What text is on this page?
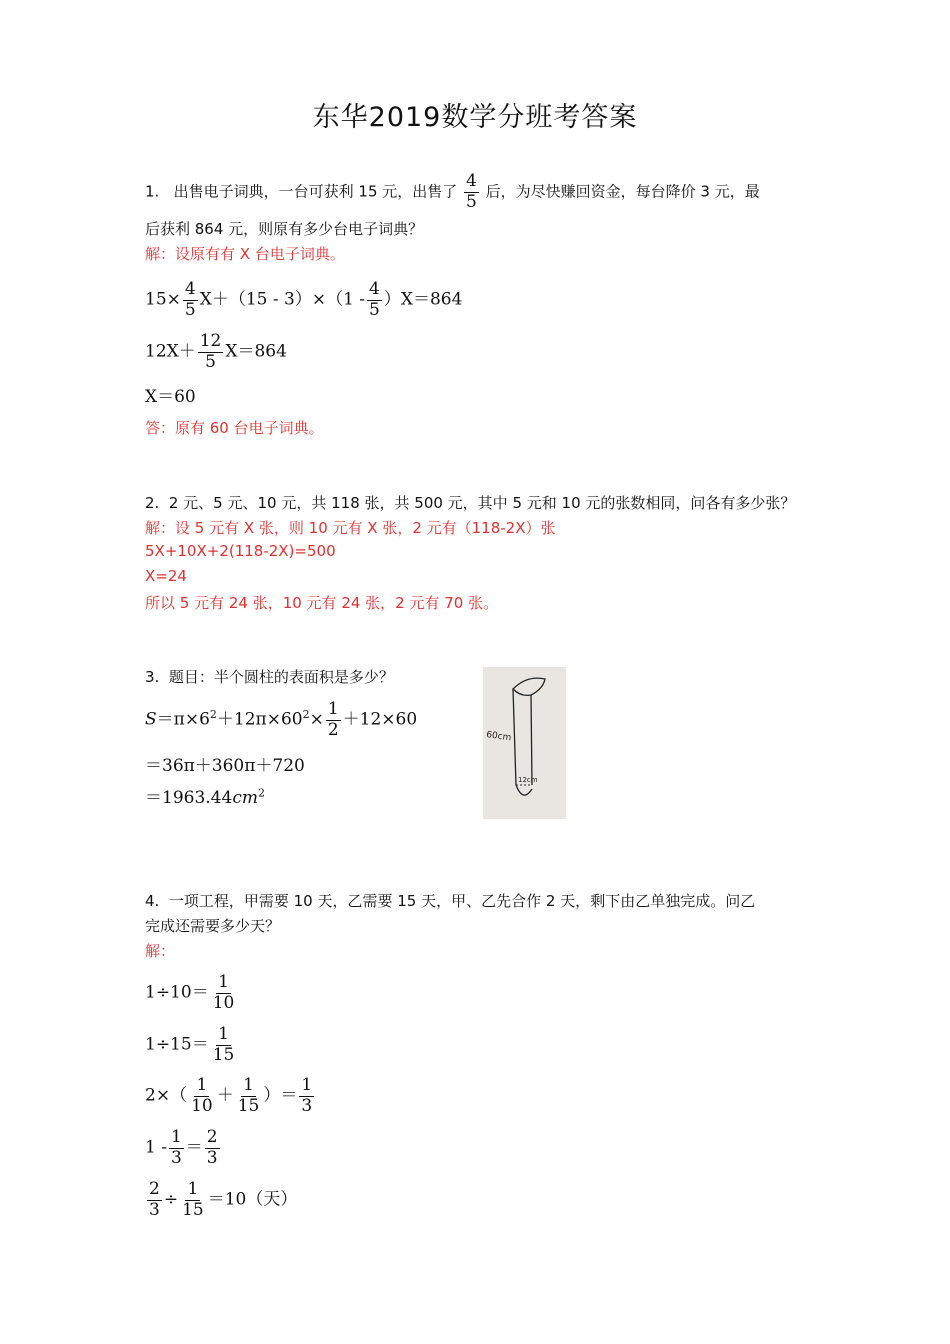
东华2019数学分班考答案
1. 出售电子词典，一台可获利 15 元，出售了 $\frac{4}{5}$ 后，为尽快赚回资金，每台降价 3 元，最
后获利 864 元，则原有多少台电子词典？
解：设原有有 X 台电子词典。
$15\times \frac{4}{5} X+(15 - 3)\times(1 - \frac{4}{5} )X=864$
$12X+ \frac{12}{5} X=864$
X＝60
答：原有 60 台电子词典。
2. 2 元、5 元、10 元，共 118 张，共 500 元，其中 5 元和 10 元的张数相同，问各有多少张？
解：设 5 元有 X 张，则 10 元有 X 张，2 元有（118-2X）张
5X+10X+2(118-2X)=500
X=24
所以 5 元有 24 张，10 元有 24 张，2 元有 70 张。
3. 题目：半个圆柱的表面积是多少？
$S=\pi\times 6^2+12\pi\times 60^2\times \frac{1}{2} +12\times 60$
＝36π＋360π＋720
$=1963.44cm^2$
60cm
12cm
4. 一项工程，甲需要 10 天，乙需要 15 天，甲、乙先合作 2 天，剩下由乙单独完成。问乙
完成还需要多少天？
解：
$1\div 10= \frac{1}{10}$
$1\div 15= \frac{1}{15}$
$2\times( \frac{1}{10} + \frac{1}{15}$ ）＝ $\frac{1}{3}$
$1 - \frac{1}{3} = \frac{2}{3}$
$\frac{2}{3} \div \frac{1}{15} =10$（天）
